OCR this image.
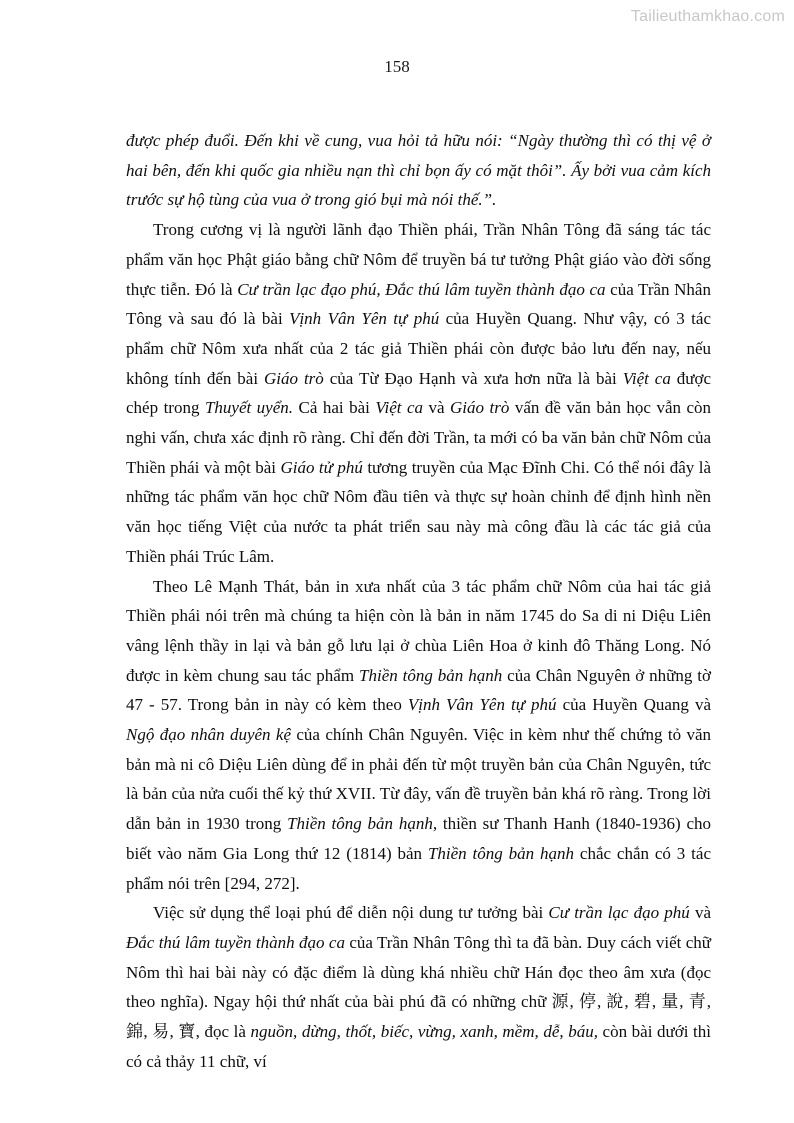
Tailieuthamkhao.com
158

được phép đuổi. Đến khi về cung, vua hỏi tả hữu nói: “Ngày thường thì có thị vệ ở hai bên, đến khi quốc gia nhiều nạn thì chỉ bọn ấy có mặt thôi”. Ấy bởi vua cảm kích trước sự hộ tùng của vua ở trong gió bụi mà nói thế.”.

Trong cương vị là người lãnh đạo Thiền phái, Trần Nhân Tông đã sáng tác tác phẩm văn học Phật giáo bằng chữ Nôm để truyền bá tư tưởng Phật giáo vào đời sống thực tiễn. Đó là Cư trần lạc đạo phú, Đắc thú lâm tuyền thành đạo ca của Trần Nhân Tông và sau đó là bài Vịnh Vân Yên tự phú của Huyền Quang. Như vậy, có 3 tác phẩm chữ Nôm xưa nhất của 2 tác giả Thiền phái còn được bảo lưu đến nay, nếu không tính đến bài Giáo trò của Từ Đạo Hạnh và xưa hơn nữa là bài Việt ca được chép trong Thuyết uyển. Cả hai bài Việt ca và Giáo trò vấn đề văn bản học vẫn còn nghi vấn, chưa xác định rõ ràng. Chỉ đến đời Trần, ta mới có ba văn bản chữ Nôm của Thiền phái và một bài Giáo tử phú tương truyền của Mạc Đĩnh Chi. Có thể nói đây là những tác phẩm văn học chữ Nôm đầu tiên và thực sự hoàn chỉnh để định hình nền văn học tiếng Việt của nước ta phát triển sau này mà công đầu là các tác giả của Thiền phái Trúc Lâm.

Theo Lê Mạnh Thát, bản in xưa nhất của 3 tác phẩm chữ Nôm của hai tác giả Thiền phái nói trên mà chúng ta hiện còn là bản in năm 1745 do Sa di ni Diệu Liên vâng lệnh thầy in lại và bản gỗ lưu lại ở chùa Liên Hoa ở kinh đô Thăng Long. Nó được in kèm chung sau tác phẩm Thiền tông bản hạnh của Chân Nguyên ở những tờ 47 - 57. Trong bản in này có kèm theo Vịnh Vân Yên tự phú của Huyền Quang và Ngộ đạo nhân duyên kệ của chính Chân Nguyên. Việc in kèm như thế chứng tỏ văn bản mà ni cô Diệu Liên dùng để in phải đến từ một truyền bản của Chân Nguyên, tức là bản của nửa cuối thế kỷ thứ XVII. Từ đây, vấn đề truyền bản khá rõ ràng. Trong lời dẫn bản in 1930 trong Thiền tông bản hạnh, thiền sư Thanh Hanh (1840-1936) cho biết vào năm Gia Long thứ 12 (1814) bản Thiền tông bản hạnh chắc chắn có 3 tác phẩm nói trên [294, 272].

Việc sử dụng thể loại phú để diễn nội dung tư tưởng bài Cư trần lạc đạo phú và Đắc thú lâm tuyền thành đạo ca của Trần Nhân Tông thì ta đã bàn. Duy cách viết chữ Nôm thì hai bài này có đặc điểm là dùng khá nhiều chữ Hán đọc theo âm xưa (đọc theo nghĩa). Ngay hội thứ nhất của bài phú đã có những chữ 源, 停, 說, 碧, 量, 青, 錦, 易, 寶, đọc là nguồn, dừng, thốt, biếc, vừng, xanh, mềm, dễ, báu, còn bài dưới thì có cả thảy 11 chữ, ví
